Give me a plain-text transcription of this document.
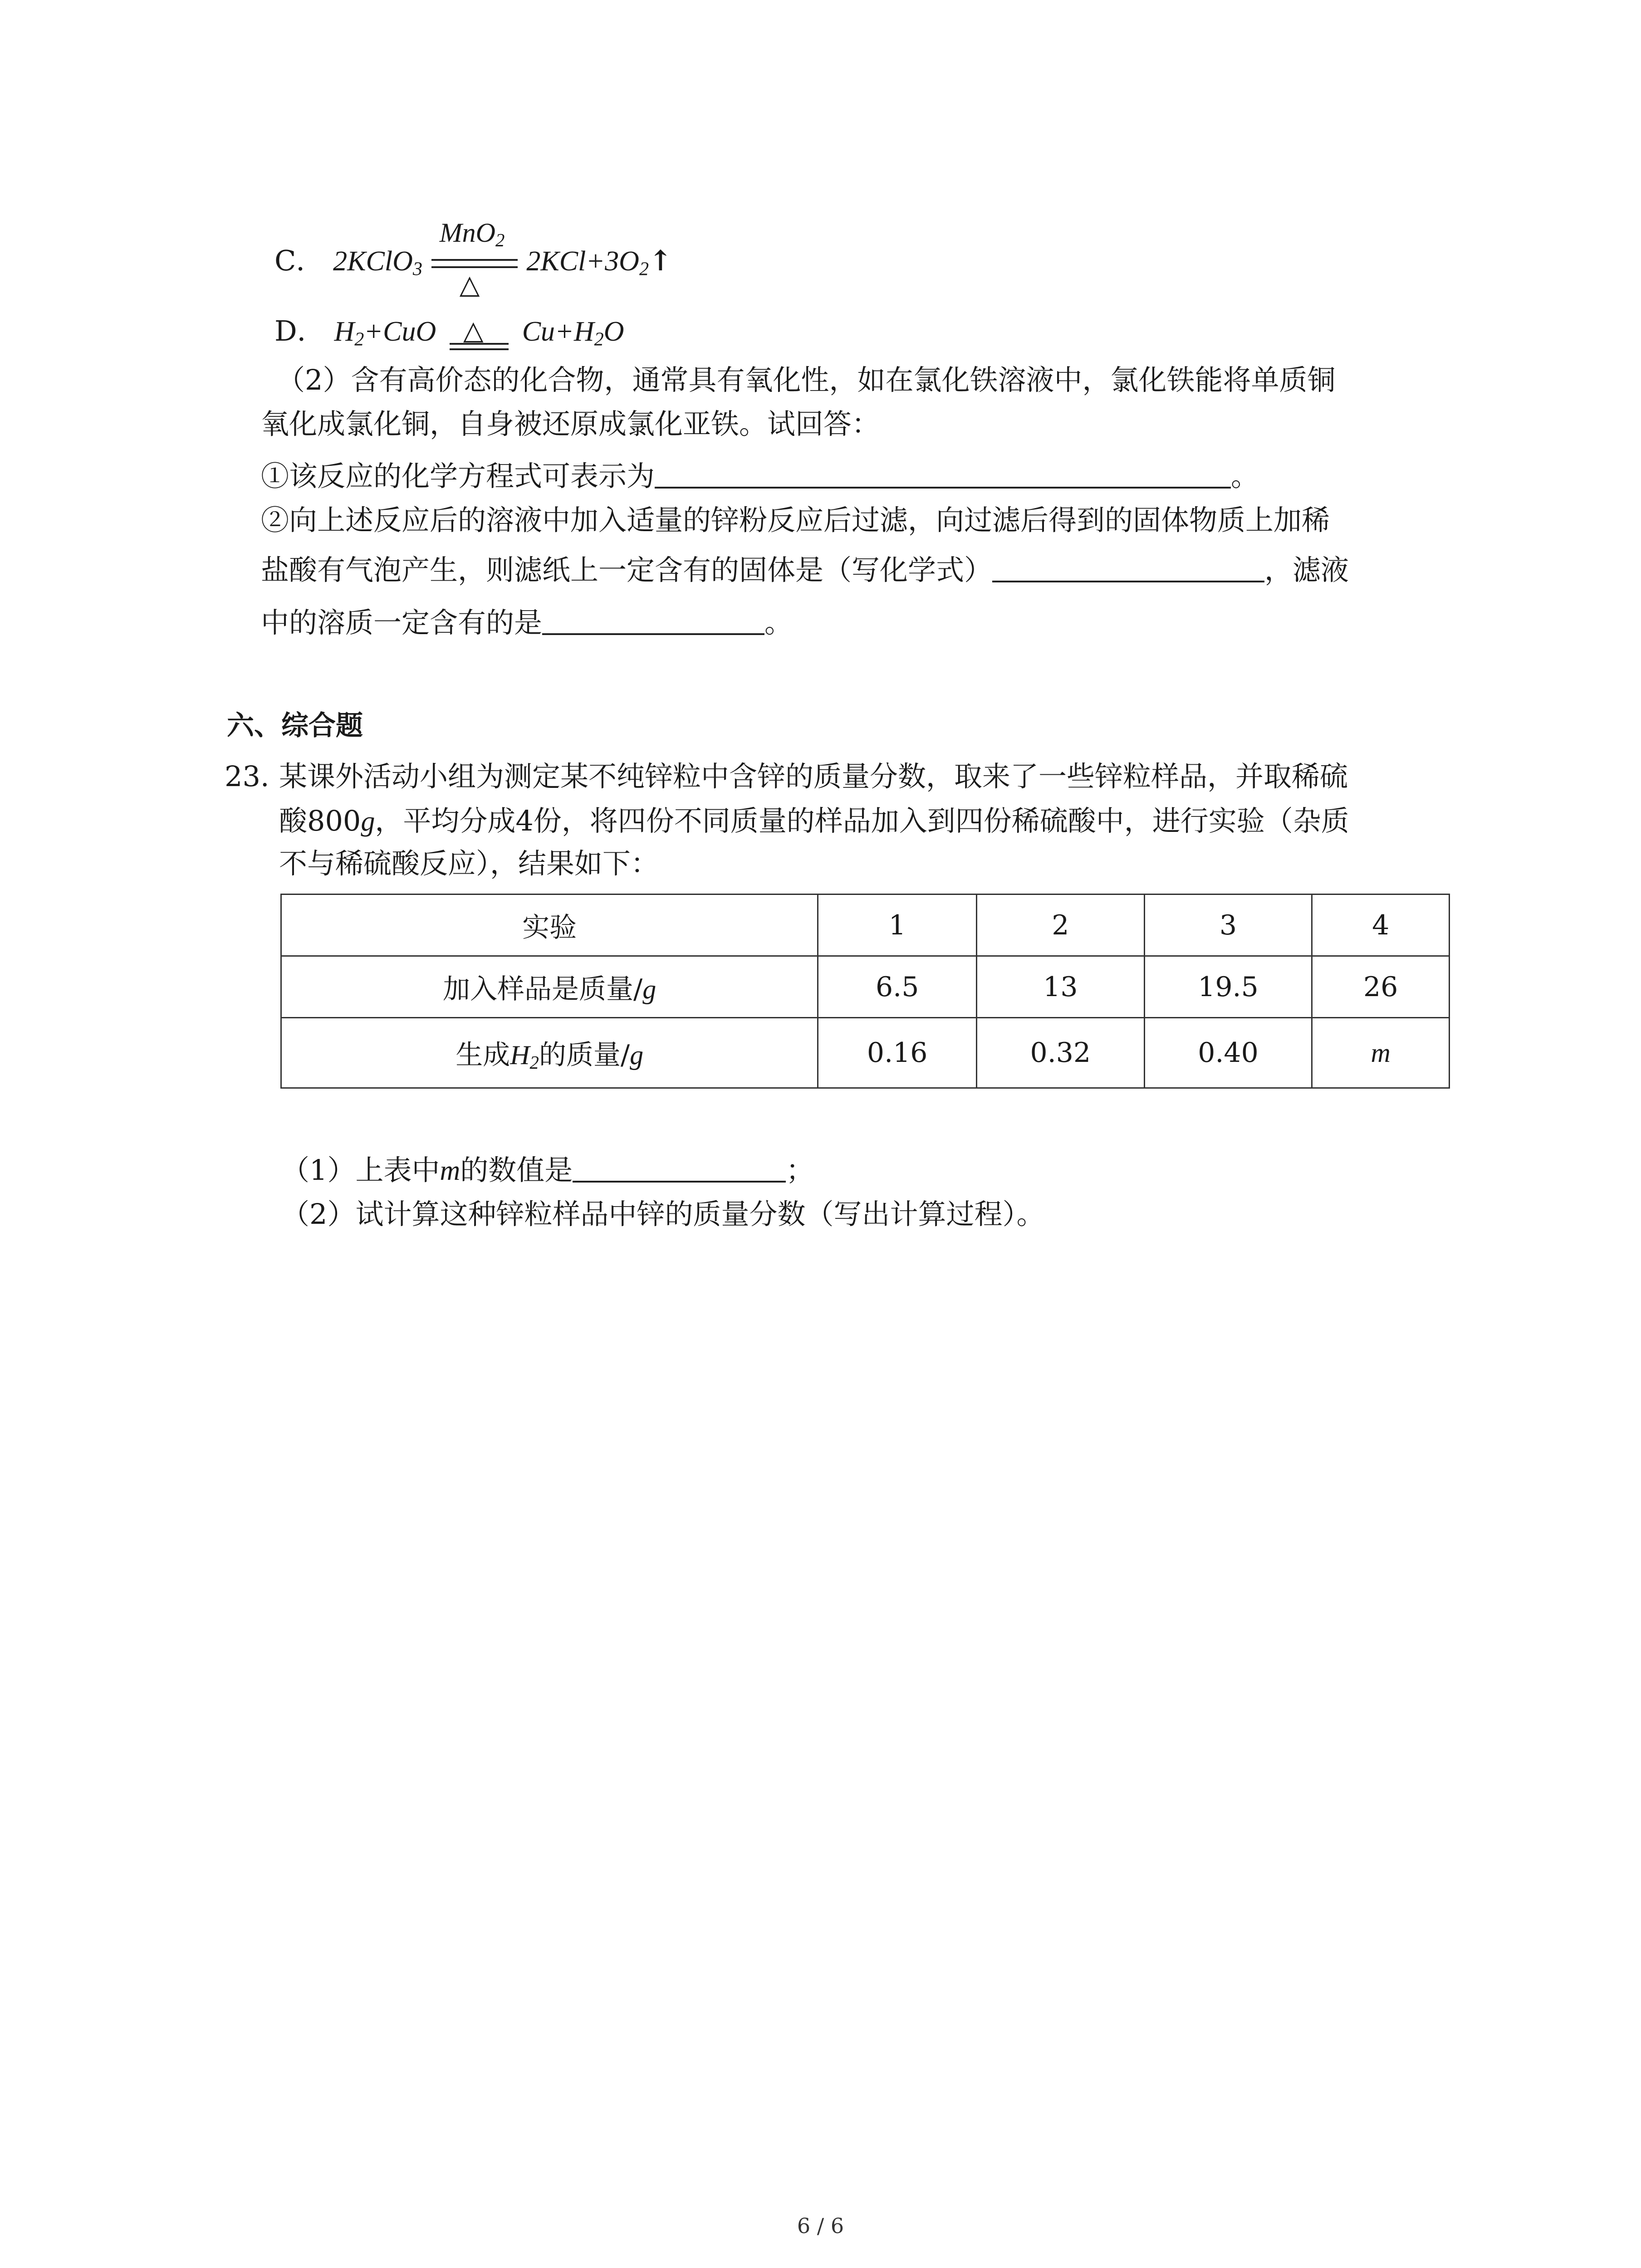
C． 2KClO$_3$
MnO$_2$
△
$2KCl+3O_2↑$
D． $H_2+CuO$ △ $Cu+H_2O$
（2）含有高价态的化合物，通常具有氧化性，如在氯化铁溶液中，氯化铁能将单质铜
氧化成氯化铜，自身被还原成氯化亚铁。试回答：
①该反应的化学方程式可表示为	。
②向上述反应后的溶液中加入适量的锌粉反应后过滤，向过滤后得到的固体物质上加稀
盐酸有气泡产生，则滤纸上一定含有的固体是（写化学式）	，滤液
中的溶质一定含有的是	。
六、综合题
23. 某课外活动小组为测定某不纯锌粒中含锌的质量分数，取来了一些锌粒样品，并取稀硫
酸800g，平均分成4份，将四份不同质量的样品加入到四份稀硫酸中，进行实验（杂质
不与稀硫酸反应），结果如下：
实验	1	2	3	4
加入样品是质量/g	6.5	13	19.5	26
生成$H_2$的质量/g	0.16	0.32	0.40	m
（1）上表中m的数值是	；
（2）试计算这种锌粒样品中锌的质量分数（写出计算过程）。
6 / 6
